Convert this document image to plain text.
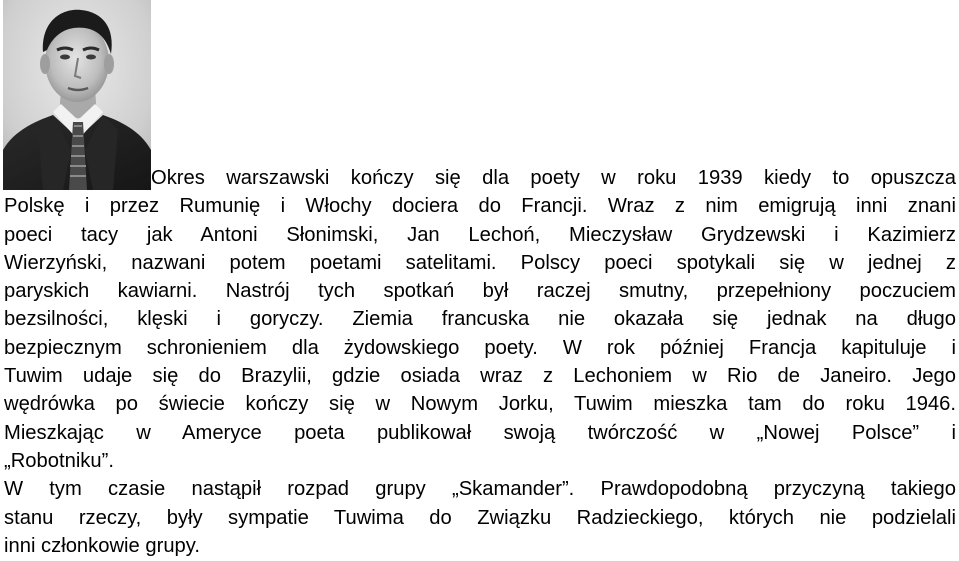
Okres warszawski kończy się dla poety w roku 1939 kiedy to opuszcza
Polskę i przez Rumunię i Włochy dociera do Francji. Wraz z nim emigrują inni znani
poeci tacy jak Antoni Słonimski, Jan Lechoń, Mieczysław Grydzewski i Kazimierz
Wierzyński, nazwani potem poetami satelitami. Polscy poeci spotykali się w jednej z
paryskich kawiarni. Nastrój tych spotkań był raczej smutny, przepełniony poczuciem
bezsilności, klęski i goryczy. Ziemia francuska nie okazała się jednak na długo
bezpiecznym schronieniem dla żydowskiego poety. W rok później Francja kapituluje i
Tuwim udaje się do Brazylii, gdzie osiada wraz z Lechoniem w Rio de Janeiro. Jego
wędrówka po świecie kończy się w Nowym Jorku, Tuwim mieszka tam do roku 1946.
Mieszkając w Ameryce poeta publikował swoją twórczość w „Nowej Polsce” i
„Robotniku”.
W tym czasie nastąpił rozpad grupy „Skamander”. Prawdopodobną przyczyną takiego
stanu rzeczy, były sympatie Tuwima do Związku Radzieckiego, których nie podzielali
inni członkowie grupy.
